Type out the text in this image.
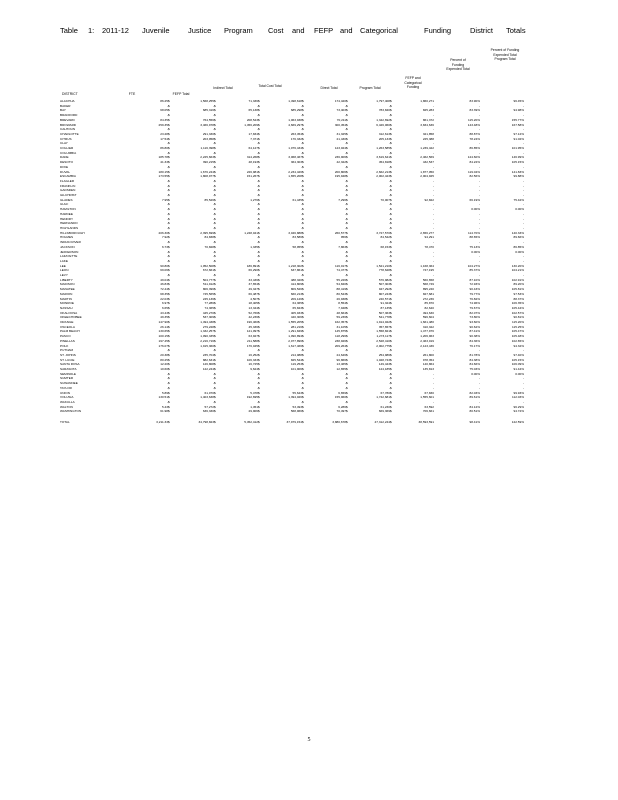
Table	1:	2011-12	Juvenile	Justice	Program	Cost	and	FEFP and Categorical	Funding	District	Totals
Percent of Funding Expended Total Program Total
Percent of Funding Expended Total
FEFP and Categorical Funding
Total Cost Total
Indirect Total	Direct Total	Program Total
FTE	FEFP Total
DISTRICT
ALACHUA	86.25	$	1,568,255	$	71,336	$	1,498,618	$	174,420	$	1,797,408	$	1,860,271	83.90%	96.45%
BAKER	-	$	-	$	-	$	-	$	-	$	-	$	-	-	-
BAY	68.05	$	685,316	$	65,138	$	685,298	$	73,403	$	783,840	$	825,283	83.39%	94.98%
BRADFORD	-	$	-	$	-	$	-	$	-	$	-	$	-	-	-
BREVARD	84.35	$	764,556	$	208,543	$	1,063,938	$	70,211	$	1,342,692	$	861,372	115.20%	155.77%
BROWARD	259.35	$	3,466,978	$	1,456,209	$	4,669,297	$	300,454	$	6,426,060	$	3,834,636	143.48%	167.58%
CALHOUN	-	$	-	$	-	$	-	$	-	$	-	$	-	-	-
CHARLOTTE	23.28	$	291,330	$	17,834	$	263,454	$	31,325	$	312,613	$	321,858	88.87%	97.12%
CITRUS	17.54	$	203,958	$	7,371	$	176,332	$	21,430	$	205,133	$	225,388	78.24%	91.02%
CLAY	-	$	-	$	-	$	-	$	-	$	-	$	-	-	-
COLLIER	86.80	$	1,116,398	$	64,127	$	1,076,434	$	123,024	$	1,263,585	$	1,239,422	86.85%	101.95%
COLUMBIA	-	$	-	$	-	$	-	$	-	$	-	$	-	-	-
DADE	185.78	$	2,225,663	$	314,268	$	3,068,467	$	236,906	$	3,619,641	$	2,462,569	124.60%	146.99%
DESOTO	41.33	$	390,215	$	48,193	$	364,303	$	42,322	$	454,818	$	432,537	84.22%	105.15%
DIXIE	-	$	-	$	-	$	-	$	-	$	-	$	-	-	-
DUVAL	180.15	$	1,676,244	$	226,981	$	2,234,426	$	200,806	$	2,662,213	$	1,877,050	119.04%	141.83%
ESCAMBIA	173.55	$	1,808,977	$	151,267	$	1,655,208	$	195,948	$	2,002,423	$	2,004,925	82.56%	99.88%
FLAGLER	-	$	-	$	-	$	-	$	-	$	-	$	-	-	-
FRANKLIN	-	$	-	$	-	$	-	$	-	$	-	$	-	-	-
GADSDEN	-	$	-	$	-	$	-	$	-	$	-	$	-	-	-
GILCHRIST	-	$	-	$	-	$	-	$	-	$	-	$	-	-	-
GLADES	7.95	$	85,526	$	1,276	$	61,435	$	7,296	$	70,007	$	92,822	66.19%	75.42%
GULF	-	$	-	$	-	$	-	$	-	$	-	$	-	-	-
HAMILTON	-	$	-	$	-	$	-	$	-	$	-	$	-	0.00%	0.00%
HARDEE	-	$	-	$	-	$	-	$	-	$	-	$	-	-	-
HENDRY	-	$	-	$	-	$	-	$	-	$	-	$	-	-	-
HERNANDO	-	$	-	$	-	$	-	$	-	$	-	$	-	-	-
HIGHLANDS	-	$	-	$	-	$	-	$	-	$	-	$	-	-	-
HILLSBOROUGH	206.30	$	2,395,699	$	1,248,041	$	3,046,888	$	260,577	$	3,727,570	$	2,656,277	114.70%	140.33%
HOLMES	7.92	$	84,838	$	-	$	83,586	$	956	$	84,542	$	94,291	88.65%	89.66%
INDIAN RIVER	-	$	-	$	-	$	-	$	-	$	-	$	-	-	-
JACKSON	6.73	$	70,828	$	1,335	$	58,955	$	7,863	$	68,153	$	78,470	75.13%	86.85%
JEFFERSON	-	$	-	$	-	$	-	$	-	$	-	$	-	0.00%	0.00%
LAFAYETTE	-	$	-	$	-	$	-	$	-	$	-	$	-	-	-
LAKE	-	$	-	$	-	$	-	$	-	$	-	$	-	-	-
LEE	90.80	$	1,052,508	$	186,891	$	1,218,302	$	116,017	$	1,521,210	$	1,168,364	104.27%	130.20%
LEON	69.06	$	672,661	$	66,290	$	637,861	$	74,477	$	778,628	$	747,195	85.37%	104.21%
LEVY	-	$	-	$	-	$	-	$	-	$	-	$	-	-	-
LIBERTY	49.04	$	504,777	$	33,436	$	488,320	$	55,226	$	576,982	$	560,658	87.10%	102.91%
MADISON	46.83	$	511,912	$	37,654	$	414,809	$	54,840	$	507,303	$	568,749	72.93%	89.20%
MANATEE	72.44	$	806,396	$	49,347	$	809,526	$	88,419	$	947,292	$	895,240	90.43%	105.81%
MARION	68.35	$	745,565	$	66,487	$	660,213	$	80,543	$	807,243	$	827,681	79.77%	97.53%
MARTIN	22.03	$	245,136	$	4,507	$	209,126	$	26,938	$	240,571	$	272,236	76.82%	88.37%
MONROE	6.97	$	77,286	$	18,405	$	64,365	$	8,554	$	91,324	$	85,870	74.96%	106.35%
NASSAU	6.65	$	74,365	$	13,344	$	65,843	$	7,948	$	87,135	$	82,640	79.67%	105.44%
OKALOOSA	43.43	$	445,270	$	52,766	$	405,933	$	48,664	$	507,363	$	494,630	82.07%	102.57%
OKEECHOBEE	49.35	$	537,309	$	42,236	$	440,306	$	59,236	$	541,778	$	596,604	73.80%	90.81%
ORANGE	147.90	$	1,494,438	$	196,460	$	1,555,205	$	162,357	$	1,914,022	$	1,661,480	93.60%	115.20%
OSCEOLA	26.14	$	279,228	$	45,336	$	281,216	$	31,105	$	357,657	$	310,322	90.62%	115.25%
PALM BEACH	130.65	$	1,332,257	$	121,097	$	1,291,849	$	145,875	$	1,558,821	$	1,477,976	87.41%	105.47%
PASCO	100.15	$	1,090,335	$	63,927	$	1,090,894	$	118,296	$	1,273,117	$	1,206,963	90.38%	105.48%
PINELLAS	197.45	$	2,216,716	$	211,588	$	2,077,896	$	238,926	$	2,528,410	$	2,463,019	84.36%	102.65%
POLK	176.07	$	1,915,360	$	176,045	$	1,617,466	$	209,264	$	2,002,775	$	2,123,436	76.17%	94.32%
PUTNAM	-	$	-	$	-	$	-	$	-	$	-	$	-	-	-
ST. JOHNS	20.38	$	235,704	$	16,252	$	214,088	$	24,646	$	254,986	$	261,800	81.78%	97.40%
ST. LUCIE	80.25	$	882,631	$	106,333	$	825,544	$	96,866	$	1,028,743	$	978,354	84.38%	105.15%
SANTA ROSA	12.20	$	126,808	$	16,725	$	119,253	$	13,465	$	149,443	$	140,864	84.66%	106.09%
SARASOTA	10.60	$	122,244	$	9,624	$	101,906	$	12,655	$	124,185	$	135,813	75.03%	91.44%
SEMINOLE	-	$	-	$	-	$	-	$	-	$	-	$	-	0.00%	0.00%
SUMTER	-	$	-	$	-	$	-	$	-	$	-	$	-	-	-
SUWANNEE	-	$	-	$	-	$	-	$	-	$	-	$	-	-	-
TAYLOR	-	$	-	$	-	$	-	$	-	$	-	$	-	-	-
UNION	5.89	$	61,070	$	5,478	$	55,643	$	6,659	$	67,780	$	67,830	82.03%	99.93%
VOLUSIA	130.51	$	1,403,638	$	192,695	$	1,394,026	$	155,960	$	1,742,681	$	1,555,601	89.61%	112.03%
WAKULLA	-	$	-	$	-	$	-	$	-	$	-	$	-	-	-
WALTON	5.43	$	57,272	$	1,451	$	53,493	$	6,286	$	61,230	$	63,592	84.12%	96.29%
WASHINGTON	61.98	$	636,330	$	29,906	$	568,966	$	70,497	$	669,369	$	706,661	80.51%	94.72%

TOTAL	3,211.33	$	34,798,823	$	5,452,412	$	37,979,154	$	3,880,678	$	47,312,244	$	38,593,591	98.41%	122.59%
5
